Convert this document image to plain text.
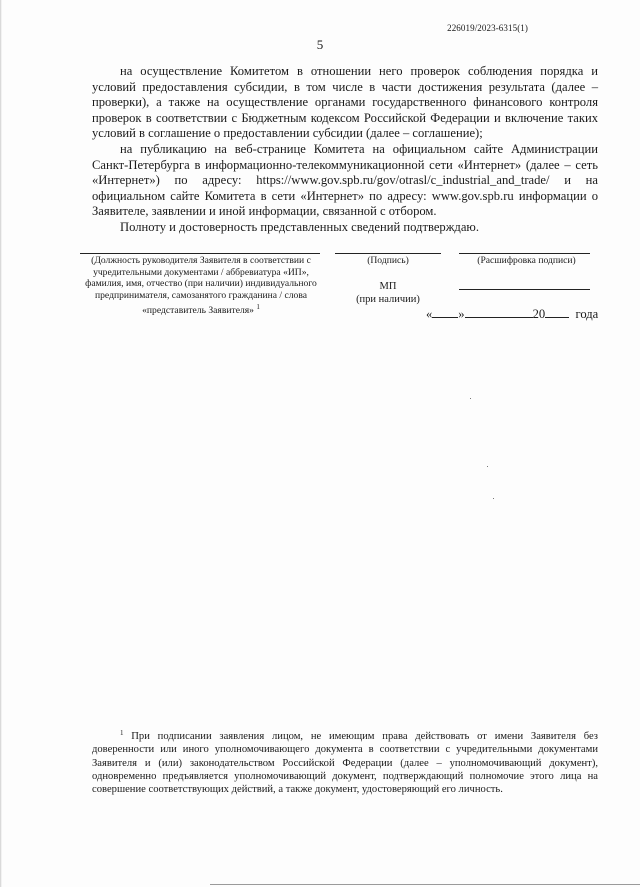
226019/2023-6315(1)
5

на осуществление Комитетом в отношении него проверок соблюдения порядка и условий предоставления субсидии, в том числе в части достижения результата (далее – проверки), а также на осуществление органами государственного финансового контроля проверок в соответствии с Бюджетным кодексом Российской Федерации и включение таких условий в соглашение о предоставлении субсидии (далее – соглашение);

на публикацию на веб-странице Комитета на официальном сайте Администрации Санкт-Петербурга в информационно-телекоммуникационной сети «Интернет» (далее – сеть «Интернет») по адресу: https://www.gov.spb.ru/gov/otrasl/c_industrial_and_trade/ и на официальном сайте Комитета в сети «Интернет» по адресу: www.gov.spb.ru информации о Заявителе, заявлении и иной информации, связанной с отбором.

Полноту и достоверность представленных сведений подтверждаю.

(Должность руководителя Заявителя в соответствии с учредительными документами / аббревиатура «ИП», фамилия, имя, отчество (при наличии) индивидуального предпринимателя, самозанятого гражданина / слова «представитель Заявителя» $^1$
(Подпись)	(Расшифровка подписи)
МП
(при наличии)
« »	20 года

$^1$ При подписании заявления лицом, не имеющим права действовать от имени Заявителя без доверенности или иного уполномочивающего документа в соответствии с учредительными документами Заявителя и (или) законодательством Российской Федерации (далее – уполномочивающий документ), одновременно предъявляется уполномочивающий документ, подтверждающий полномочие этого лица на совершение соответствующих действий, а также документ, удостоверяющий его личность.
